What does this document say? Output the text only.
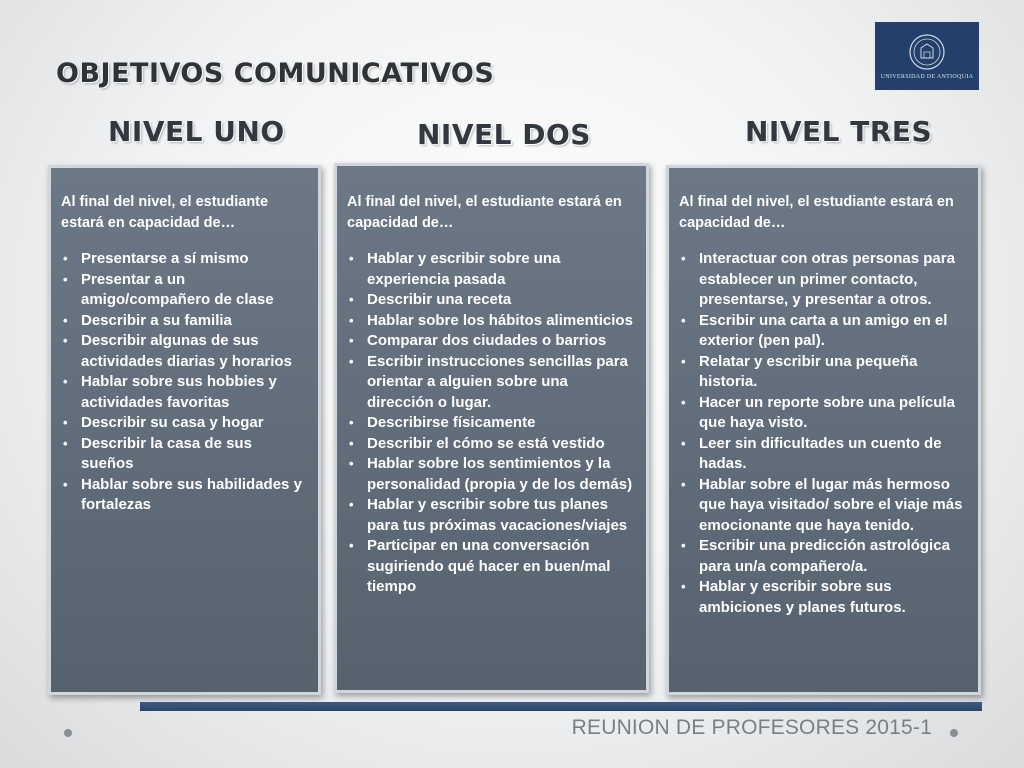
OBJETIVOS COMUNICATIVOS	UNIVERSIDAD DE ANTIOQUIA
NIVEL UNO	NIVEL DOS	NIVEL TRES

Al final del nivel, el estudiante estará en capacidad de…

• Presentarse a sí mismo
• Presentar a un amigo/compañero de clase
• Describir a su familia
• Describir algunas de sus actividades diarias y horarios
• Hablar sobre sus hobbies y actividades favoritas
• Describir su casa y hogar
• Describir la casa de sus sueños
• Hablar sobre sus habilidades y fortalezas

Al final del nivel, el estudiante estará en capacidad de…

• Hablar y escribir sobre una experiencia pasada
• Describir una receta
• Hablar sobre los hábitos alimenticios
• Comparar dos ciudades o barrios
• Escribir instrucciones sencillas para orientar a alguien sobre una dirección o lugar.
• Describirse físicamente
• Describir el cómo se está vestido
• Hablar sobre los sentimientos y la personalidad (propia y de los demás)
• Hablar y escribir sobre tus planes para tus próximas vacaciones/viajes
• Participar en una conversación sugiriendo qué hacer en buen/mal tiempo

Al final del nivel, el estudiante estará en capacidad de…

• Interactuar con otras personas para establecer un primer contacto, presentarse, y presentar a otros.
• Escribir una carta a un amigo en el exterior (pen pal).
• Relatar y escribir una pequeña historia.
• Hacer un reporte sobre una película que haya visto.
• Leer sin dificultades un cuento de hadas.
• Hablar sobre el lugar más hermoso que haya visitado/ sobre el viaje más emocionante que haya tenido.
• Escribir una predicción astrológica para un/a compañero/a.
• Hablar y escribir sobre sus ambiciones y planes futuros.
REUNION DE PROFESORES 2015-1
